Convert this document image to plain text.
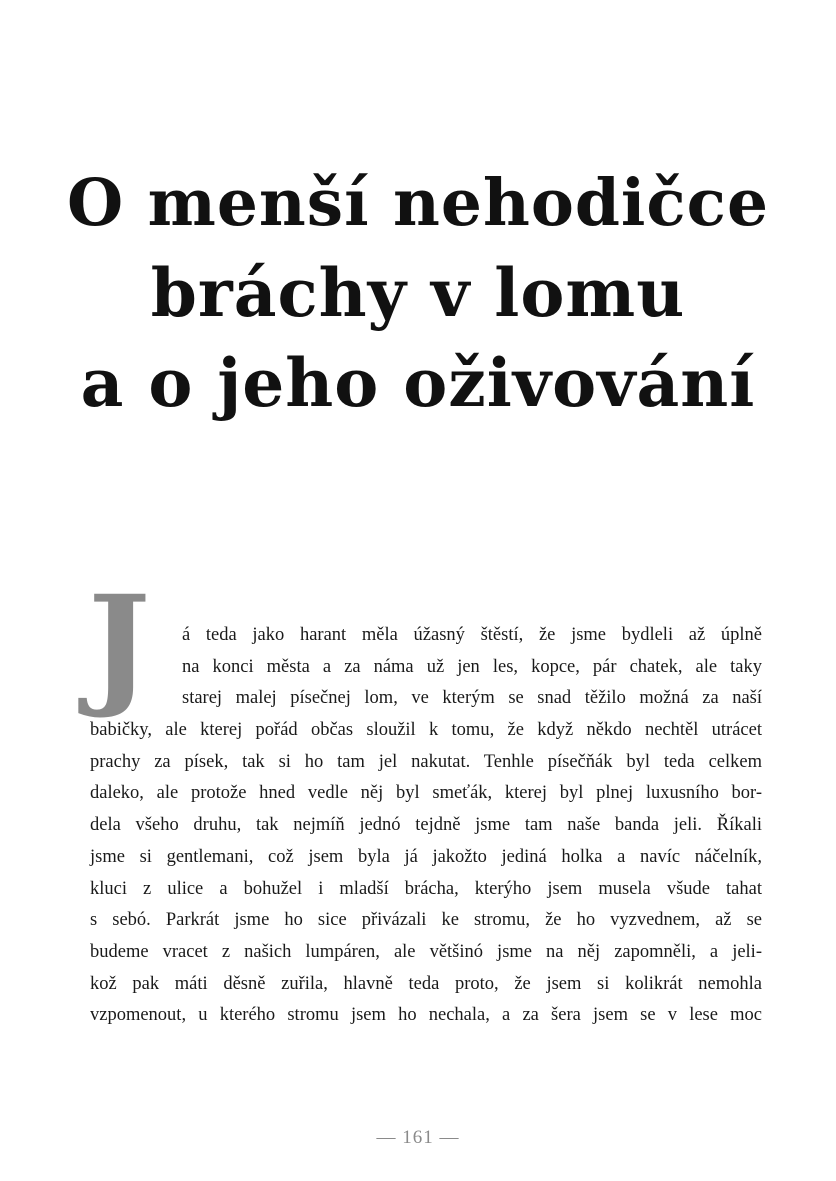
O menší nehodičce
bráchy v lomu
a o jeho oživování
J	á teda jako harant měla úžasný štěstí, že jsme bydleli až úplně
na konci města a za náma už jen les, kopce, pár chatek, ale taky
starej malej písečnej lom, ve kterým se snad těžilo možná za naší
babičky, ale kterej pořád občas sloužil k tomu, že když někdo nechtěl utrácet
prachy za písek, tak si ho tam jel nakutat. Tenhle písečňák byl teda celkem
daleko, ale protože hned vedle něj byl smeťák, kterej byl plnej luxusního bor-
dela všeho druhu, tak nejmíň jednó tejdně jsme tam naše banda jeli. Říkali
jsme si gentlemani, což jsem byla já jakožto jediná holka a navíc náčelník,
kluci z ulice a bohužel i mladší brácha, kterýho jsem musela všude tahat
s sebó. Parkrát jsme ho sice přivázali ke stromu, že ho vyzvednem, až se
budeme vracet z našich lumpáren, ale většinó jsme na něj zapomněli, a jeli-
kož pak máti děsně zuřila, hlavně teda proto, že jsem si kolikrát nemohla
vzpomenout, u kterého stromu jsem ho nechala, a za šera jsem se v lese moc
— 161 —
